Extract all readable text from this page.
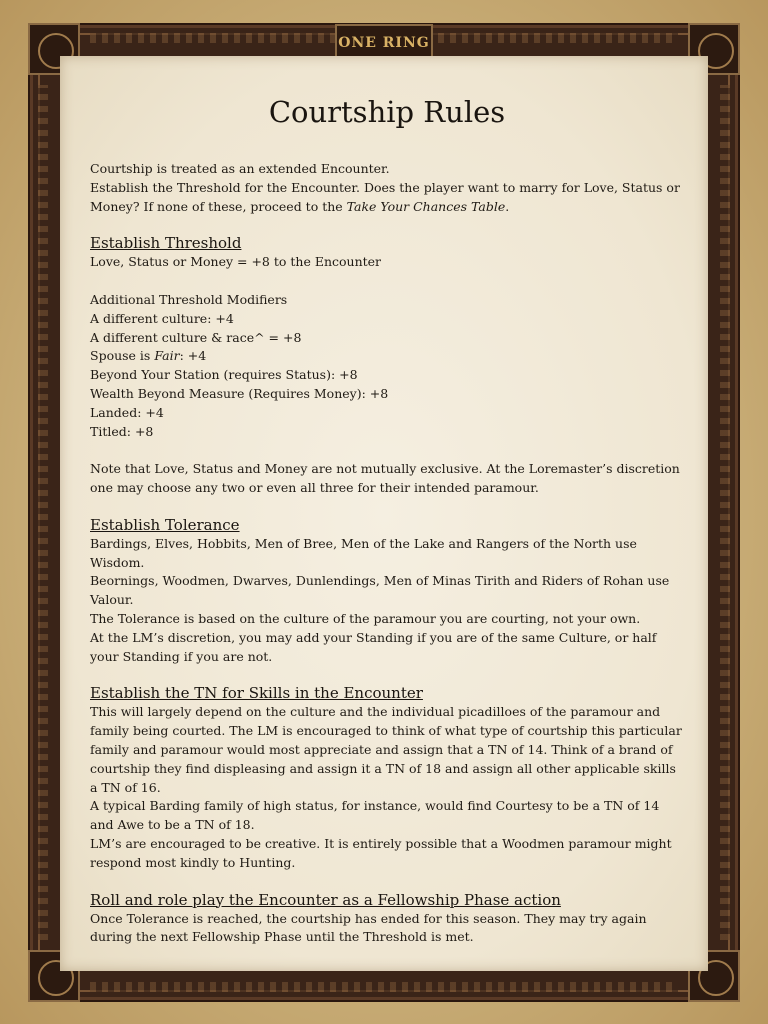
ONE RING
Courtship Rules

Courtship is treated as an extended Encounter.

Establish the Threshold for the Encounter. Does the player want to marry for Love, Status or Money? If none of these, proceed to the Take Your Chances Table.

Establish Threshold

Love, Status or Money = +8 to the Encounter

Additional Threshold Modifiers

A different culture: +4

A different culture & race^ = +8

Spouse is Fair: +4

Beyond Your Station (requires Status): +8

Wealth Beyond Measure (Requires Money): +8

Landed: +4

Titled: +8

Note that Love, Status and Money are not mutually exclusive. At the Loremaster’s discretion one may choose any two or even all three for their intended paramour.

Establish Tolerance

Bardings, Elves, Hobbits, Men of Bree, Men of the Lake and Rangers of the North use Wisdom.

Beornings, Woodmen, Dwarves, Dunlendings, Men of Minas Tirith and Riders of Rohan use Valour.

The Tolerance is based on the culture of the paramour you are courting, not your own.

At the LM’s discretion, you may add your Standing if you are of the same Culture, or half your Standing if you are not.

Establish the TN for Skills in the Encounter

This will largely depend on the culture and the individual picadilloes of the paramour and family being courted. The LM is encouraged to think of what type of courtship this particular family and paramour would most appreciate and assign that a TN of 14. Think of a brand of courtship they find displeasing and assign it a TN of 18 and assign all other applicable skills a TN of 16.

A typical Barding family of high status, for instance, would find Courtesy to be a TN of 14 and Awe to be a TN of 18.

LM’s are encouraged to be creative. It is entirely possible that a Woodmen paramour might respond most kindly to Hunting.

Roll and role play the Encounter as a Fellowship Phase action

Once Tolerance is reached, the courtship has ended for this season. They may try again during the next Fellowship Phase until the Threshold is met.
